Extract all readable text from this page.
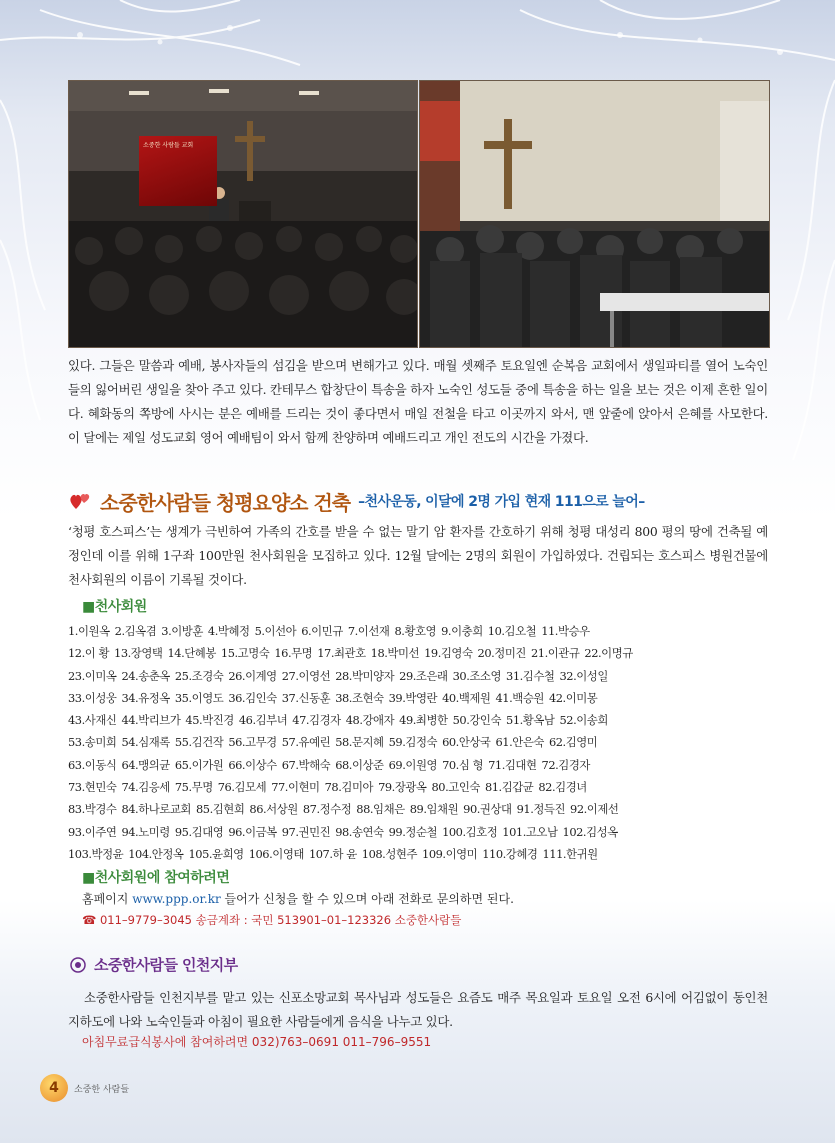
소중한 사람들 교회

있다. 그들은 말씀과 예배, 봉사자들의 섬김을 받으며 변해가고 있다. 매월 셋째주 토요일엔 순복음 교회에서 생일파티를 열어 노숙인들의 잃어버린 생일을 찾아 주고 있다. 칸테무스 합창단이 특송을 하자 노숙인 성도들 중에 특송을 하는 일을 보는 것은 이제 흔한 일이다. 혜화동의 쪽방에 사시는 분은 예배를 드리는 것이 좋다면서 매일 전철을 타고 이곳까지 와서, 맨 앞줄에 앉아서 은혜를 사모한다. 이 달에는 제일 성도교회 영어 예배팀이 와서 함께 찬양하며 예배드리고 개인 전도의 시간을 가졌다.

소중한사람들 청평요양소 건축 –천사운동, 이달에 2명 가입 현재 111으로 늘어–

‘청평 호스피스’는 생계가 극빈하여 가족의 간호를 받을 수 없는 말기 암 환자를 간호하기 위해 청평 대성리 800 평의 땅에 건축될 예정인데 이를 위해 1구좌 100만원 천사회원을 모집하고 있다. 12월 달에는 2명의 회원이 가입하였다. 건립되는 호스피스 병원건물에 천사회원의 이름이 기록될 것이다.

■천사회원
1.이원옥 2.김옥겸 3.이방훈 4.박혜정 5.이선아 6.이민규 7.이선재 8.황호영 9.이충희 10.김오철 11.박승우
12.이 황 13.장영택 14.단혜봉 15.고명숙 16.무명 17.최관호 18.박미선 19.김영숙 20.정미진 21.이관규 22.이명규
23.이미옥 24.송춘옥 25.조경숙 26.이계영 27.이영선 28.박미양자 29.조은래 30.조소영 31.김수철 32.이성일
33.이성웅 34.유정옥 35.이영도 36.김인숙 37.신동훈 38.조현숙 39.박영란 40.백제원 41.백승원 42.이미몽
43.사재신 44.박리브가 45.박진경 46.김부녀 47.김경자 48.강애자 49.최병한 50.강인숙 51.황옥남 52.이송희
53.송미희 54.심재록 55.김건작 56.고무경 57.유예린 58.문지혜 59.김정숙 60.안상국 61.안은숙 62.김영미
63.이동식 64.맹의균 65.이가원 66.이상수 67.박해숙 68.이상준 69.이원영 70.심 형 71.김대현 72.김경자
73.현민숙 74.김응세 75.무명 76.김모세 77.이현미 78.김미아 79.장광옥 80.고인숙 81.김갑균 82.김경녀
83.박경수 84.하나로교회 85.김현희 86.서상원 87.정수정 88.임채은 89.임채원 90.권상대 91.정득진 92.이제선
93.이주연 94.노미령 95.김대영 96.이금복 97.권민진 98.송연숙 99.정순철 100.김호정 101.고오남 102.김성옥
103.박정윤 104.안정옥 105.윤희영 106.이영태 107.하 윤 108.성현주 109.이영미 110.강혜경 111.한귀원
■천사회원에 참여하려면
홈페이지 www.ppp.or.kr 들어가 신청을 할 수 있으며 아래 전화로 문의하면 된다.
☎ 011–9779–3045 송금계좌 : 국민 513901–01–123326 소중한사람들
소중한사람들 인천지부

소중한사람들 인천지부를 맡고 있는 신포소망교회 목사님과 성도들은 요즘도 매주 목요일과 토요일 오전 6시에 어김없이 동인천 지하도에 나와 노숙인들과 아침이 필요한 사람들에게 음식을 나누고 있다.

아침무료급식봉사에 참여하려면 032)763–0691 011–796–9551
4	소중한 사람들
